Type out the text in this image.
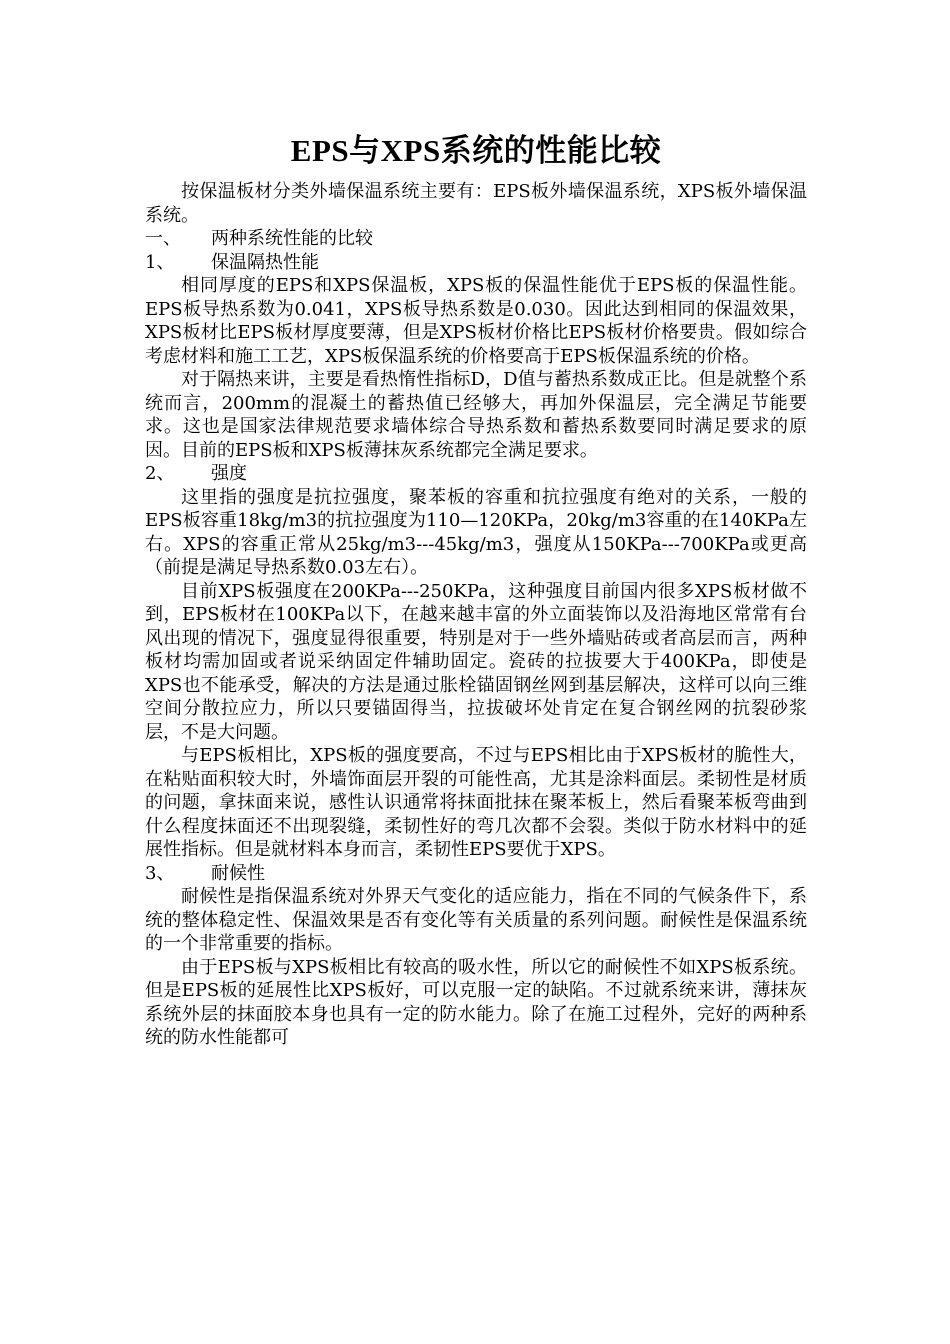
EPS与XPS系统的性能比较

按保温板材分类外墙保温系统主要有：EPS板外墙保温系统，XPS板外墙保温系统。

一、	两种系统性能的比较
1、	保温隔热性能

相同厚度的EPS和XPS保温板，XPS板的保温性能优于EPS板的保温性能。EPS板导热系数为0.041，XPS板导热系数是0.030。因此达到相同的保温效果，XPS板材比EPS板材厚度要薄，但是XPS板材价格比EPS板材价格要贵。假如综合考虑材料和施工工艺，XPS板保温系统的价格要高于EPS板保温系统的价格。

对于隔热来讲，主要是看热惰性指标D，D值与蓄热系数成正比。但是就整个系统而言，200mm的混凝土的蓄热值已经够大，再加外保温层，完全满足节能要求。这也是国家法律规范要求墙体综合导热系数和蓄热系数要同时满足要求的原因。目前的EPS板和XPS板薄抹灰系统都完全满足要求。

2、	强度

这里指的强度是抗拉强度，聚苯板的容重和抗拉强度有绝对的关系，一般的EPS板容重18kg/m3的抗拉强度为110—120KPa，20kg/m3容重的在140KPa左右。XPS的容重正常从25kg/m3---45kg/m3，强度从150KPa---700KPa或更高（前提是满足导热系数0.03左右）。

目前XPS板强度在200KPa---250KPa，这种强度目前国内很多XPS板材做不到，EPS板材在100KPa以下，在越来越丰富的外立面装饰以及沿海地区常常有台风出现的情况下，强度显得很重要，特别是对于一些外墙贴砖或者高层而言，两种板材均需加固或者说采纳固定件辅助固定。瓷砖的拉拔要大于400KPa，即使是XPS也不能承受，解决的方法是通过胀栓锚固钢丝网到基层解决，这样可以向三维空间分散拉应力，所以只要锚固得当，拉拔破坏处肯定在复合钢丝网的抗裂砂浆层，不是大问题。

与EPS板相比，XPS板的强度要高，不过与EPS相比由于XPS板材的脆性大，在粘贴面积较大时，外墙饰面层开裂的可能性高，尤其是涂料面层。柔韧性是材质的问题，拿抹面来说，感性认识通常将抹面批抹在聚苯板上，然后看聚苯板弯曲到什么程度抹面还不出现裂缝，柔韧性好的弯几次都不会裂。类似于防水材料中的延展性指标。但是就材料本身而言，柔韧性EPS要优于XPS。

3、	耐候性

耐候性是指保温系统对外界天气变化的适应能力，指在不同的气候条件下，系统的整体稳定性、保温效果是否有变化等有关质量的系列问题。耐候性是保温系统的一个非常重要的指标。

由于EPS板与XPS板相比有较高的吸水性，所以它的耐候性不如XPS板系统。但是EPS板的延展性比XPS板好，可以克服一定的缺陷。不过就系统来讲，薄抹灰系统外层的抹面胶本身也具有一定的防水能力。除了在施工过程外，完好的两种系统的防水性能都可
